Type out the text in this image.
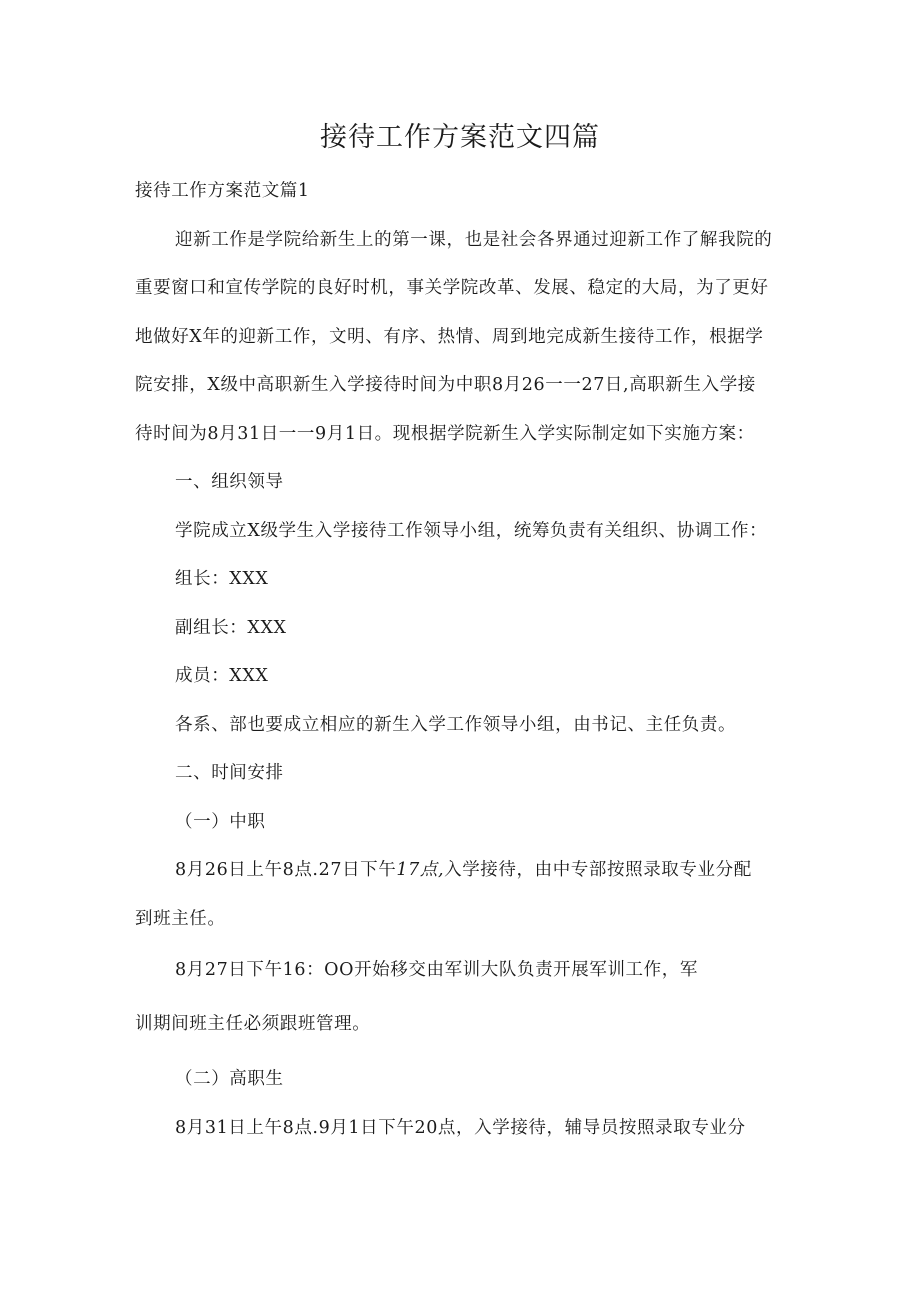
接待工作方案范文四篇

接待工作方案范文篇1

迎新工作是学院给新生上的第一课，也是社会各界通过迎新工作了解我院的

重要窗口和宣传学院的良好时机，事关学院改革、发展、稳定的大局，为了更好

地做好X年的迎新工作，文明、有序、热情、周到地完成新生接待工作，根据学

院安排，X级中高职新生入学接待时间为中职8月26一一27日,高职新生入学接

待时间为8月31日一一9月1日。现根据学院新生入学实际制定如下实施方案：

一、组织领导

学院成立X级学生入学接待工作领导小组，统筹负责有关组织、协调工作：

组长：XXX

副组长：XXX

成员：XXX

各系、部也要成立相应的新生入学工作领导小组，由书记、主任负责。

二、时间安排

（一）中职

8月26日上午8点.27日下午17点,入学接待，由中专部按照录取专业分配

到班主任。

8月27日下午16：OO开始移交由军训大队负责开展军训工作，军

训期间班主任必须跟班管理。

（二）高职生

8月31日上午8点.9月1日下午20点，入学接待，辅导员按照录取专业分
